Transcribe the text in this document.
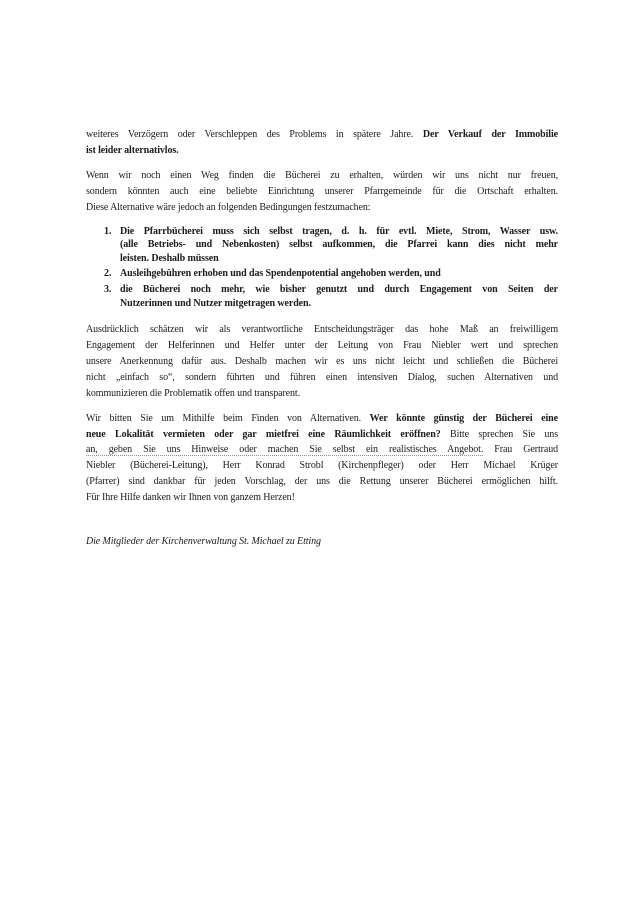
weiteres Verzögern oder Verschleppen des Problems in spätere Jahre. Der Verkauf der Immobilie
ist leider alternativlos.

Wenn wir noch einen Weg finden die Bücherei zu erhalten, würden wir uns nicht nur freuen,
sondern könnten auch eine beliebte Einrichtung unserer Pfarrgemeinde für die Ortschaft erhalten.
Diese Alternative wäre jedoch an folgenden Bedingungen festzumachen:

1. Die Pfarrbücherei muss sich selbst tragen, d. h. für evtl. Miete, Strom, Wasser usw.
(alle Betriebs- und Nebenkosten) selbst aufkommen, die Pfarrei kann dies nicht mehr
leisten. Deshalb müssen
2. Ausleihgebühren erhoben und das Spendenpotential angehoben werden, und
3. die Bücherei noch mehr, wie bisher genutzt und durch Engagement von Seiten der
Nutzerinnen und Nutzer mitgetragen werden.

Ausdrücklich schätzen wir als verantwortliche Entscheidungsträger das hohe Maß an freiwilligem
Engagement der Helferinnen und Helfer unter der Leitung von Frau Niebler wert und sprechen
unsere Anerkennung dafür aus. Deshalb machen wir es uns nicht leicht und schließen die Bücherei
nicht „einfach so“, sondern führten und führen einen intensiven Dialog, suchen Alternativen und
kommunizieren die Problematik offen und transparent.

Wir bitten Sie um Mithilfe beim Finden von Alternativen. Wer könnte günstig der Bücherei eine
neue Lokalität vermieten oder gar mietfrei eine Räumlichkeit eröffnen? Bitte sprechen Sie uns
an, geben Sie uns Hinweise oder machen Sie selbst ein realistisches Angebot. Frau Gertraud
Niebler (Bücherei-Leitung), Herr Konrad Strobl (Kirchenpfleger) oder Herr Michael Krüger
(Pfarrer) sind dankbar für jeden Vorschlag, der uns die Rettung unserer Bücherei ermöglichen hilft.
Für Ihre Hilfe danken wir Ihnen von ganzem Herzen!

Die Mitglieder der Kirchenverwaltung St. Michael zu Etting
